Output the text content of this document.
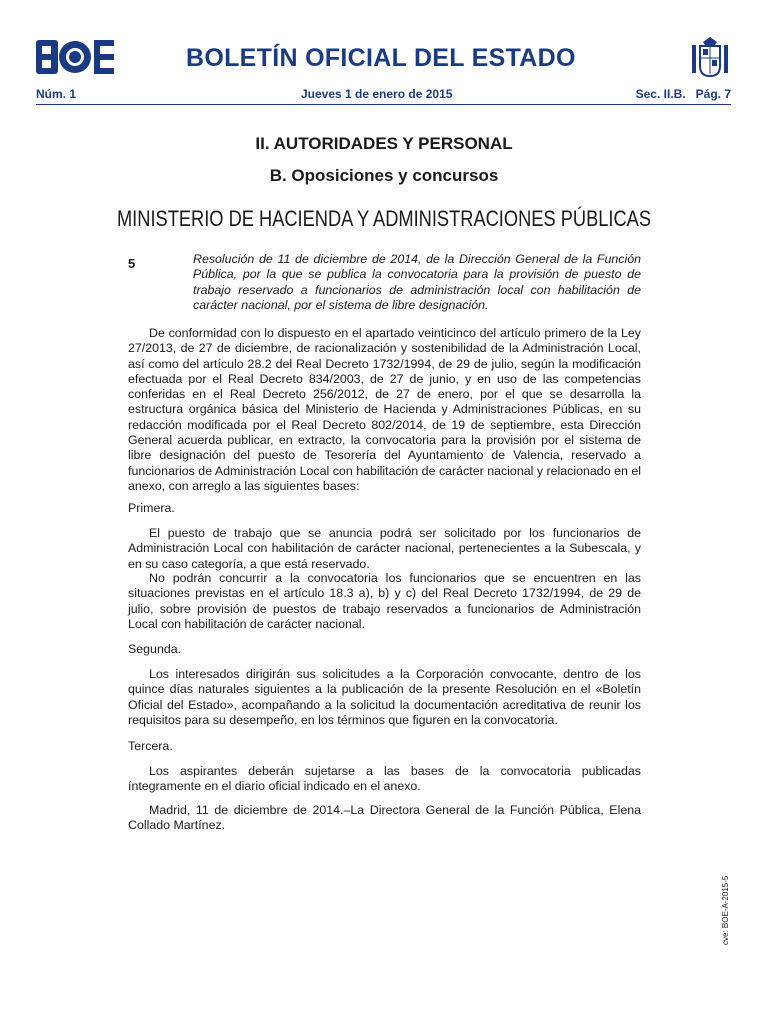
BOLETÍN OFICIAL DEL ESTADO
Núm. 1	Jueves 1 de enero de 2015	Sec. II.B.   Pág. 7
II. AUTORIDADES Y PERSONAL
B. Oposiciones y concursos
MINISTERIO DE HACIENDA Y ADMINISTRACIONES PÚBLICAS
5	Resolución de 11 de diciembre de 2014, de la Dirección General de la Función Pública, por la que se publica la convocatoria para la provisión de puesto de trabajo reservado a funcionarios de administración local con habilitación de carácter nacional, por el sistema de libre designación.

De conformidad con lo dispuesto en el apartado veinticinco del artículo primero de la Ley 27/2013, de 27 de diciembre, de racionalización y sostenibilidad de la Administración Local, así como del artículo 28.2 del Real Decreto 1732/1994, de 29 de julio, según la modificación efectuada por el Real Decreto 834/2003, de 27 de junio, y en uso de las competencias conferidas en el Real Decreto 256/2012, de 27 de enero, por el que se desarrolla la estructura orgánica básica del Ministerio de Hacienda y Administraciones Públicas, en su redacción modificada por el Real Decreto 802/2014, de 19 de septiembre, esta Dirección General acuerda publicar, en extracto, la convocatoria para la provisión por el sistema de libre designación del puesto de Tesorería del Ayuntamiento de Valencia, reservado a funcionarios de Administración Local con habilitación de carácter nacional y relacionado en el anexo, con arreglo a las siguientes bases:

Primera.

El puesto de trabajo que se anuncia podrá ser solicitado por los funcionarios de Administración Local con habilitación de carácter nacional, pertenecientes a la Subescala, y en su caso categoría, a que está reservado.

No podrán concurrir a la convocatoria los funcionarios que se encuentren en las situaciones previstas en el artículo 18.3 a), b) y c) del Real Decreto 1732/1994, de 29 de julio, sobre provisión de puestos de trabajo reservados a funcionarios de Administración Local con habilitación de carácter nacional.

Segunda.

Los interesados dirigirán sus solicitudes a la Corporación convocante, dentro de los quince días naturales siguientes a la publicación de la presente Resolución en el «Boletín Oficial del Estado», acompañando a la solicitud la documentación acreditativa de reunir los requisitos para su desempeño, en los términos que figuren en la convocatoria.

Tercera.

Los aspirantes deberán sujetarse a las bases de la convocatoria publicadas íntegramente en el diario oficial indicado en el anexo.

Madrid, 11 de diciembre de 2014.–La Directora General de la Función Pública, Elena Collado Martínez.

cve: BOE-A-2015-5
